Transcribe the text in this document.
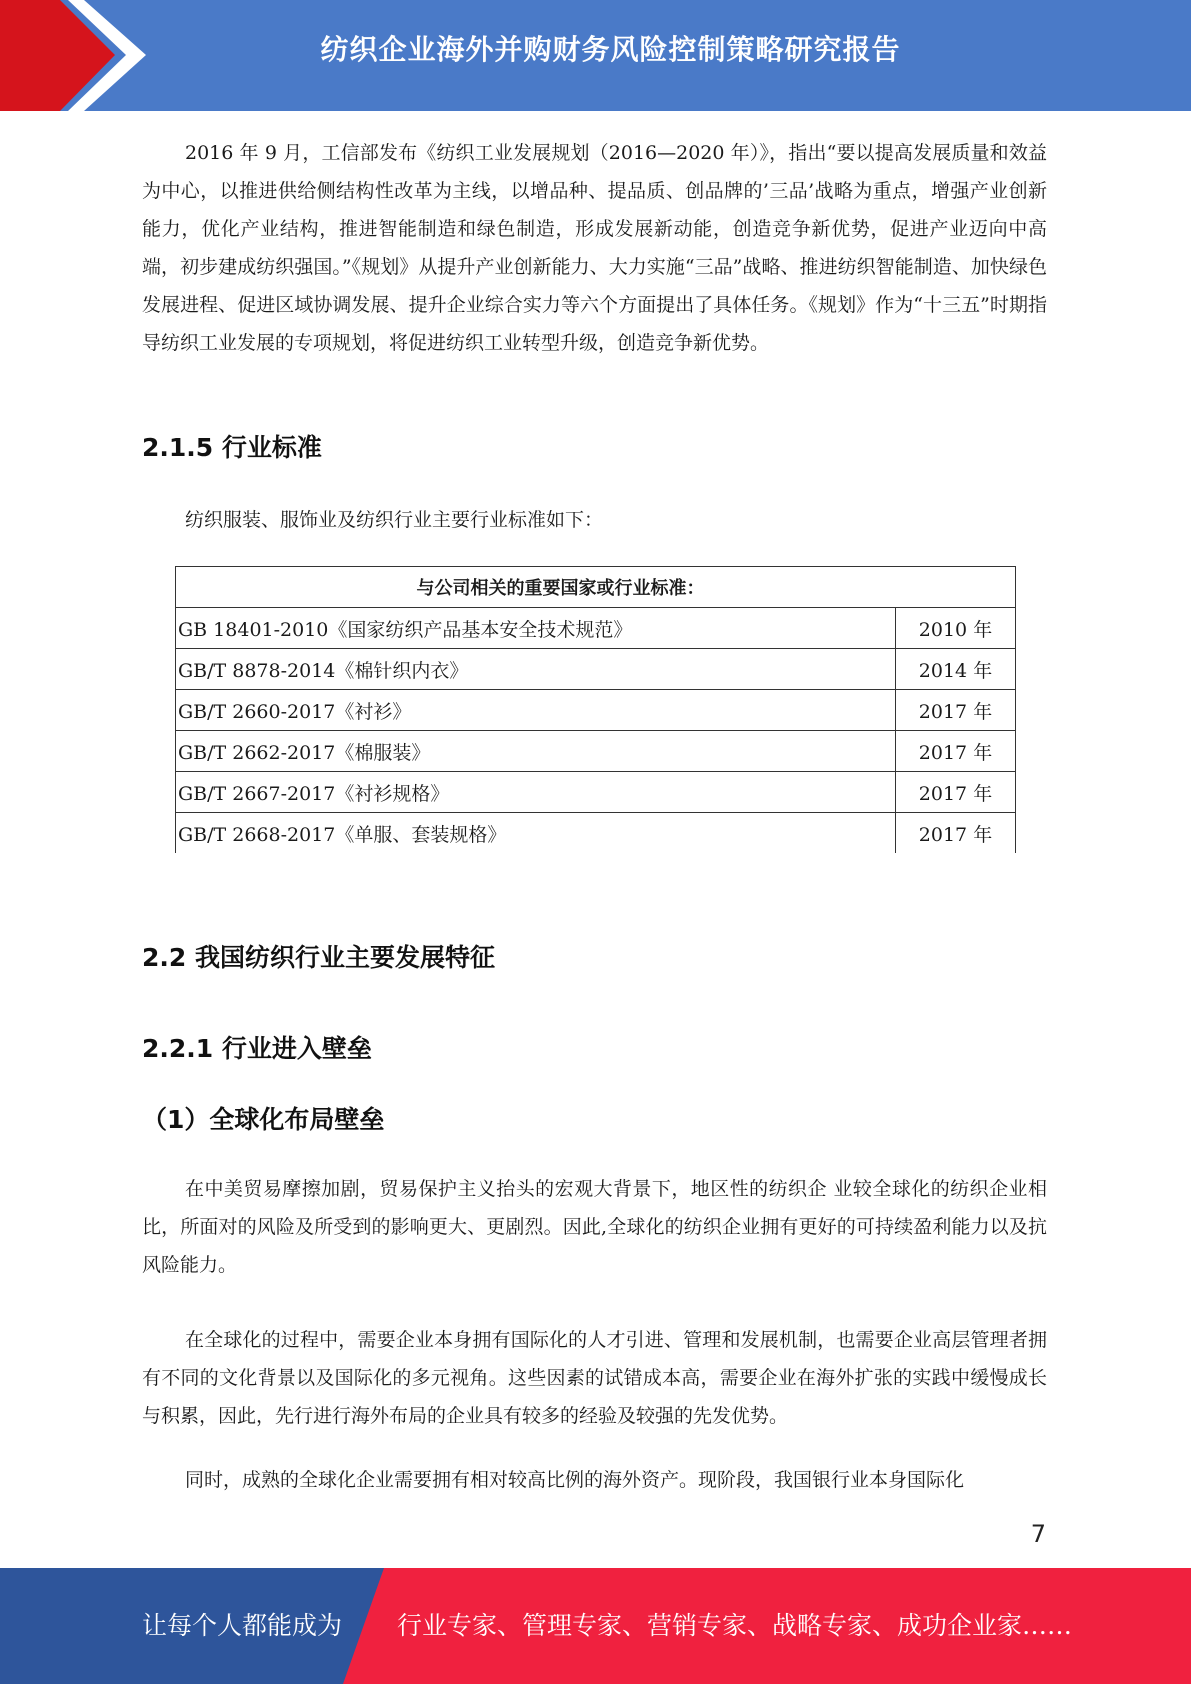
纺织企业海外并购财务风险控制策略研究报告

2016 年 9 月，工信部发布《纺织工业发展规划（2016—2020 年）》，指出“要以提高发展质量和效益为中心，以推进供给侧结构性改革为主线，以增品种、提品质、创品牌的’三品’战略为重点，增强产业创新能力，优化产业结构，推进智能制造和绿色制造，形成发展新动能，创造竞争新优势，促进产业迈向中高端，初步建成纺织强国。”《规划》从提升产业创新能力、大力实施“三品”战略、推进纺织智能制造、加快绿色发展进程、促进区域协调发展、提升企业综合实力等六个方面提出了具体任务。《规划》作为“十三五”时期指导纺织工业发展的专项规划，将促进纺织工业转型升级，创造竞争新优势。

2.1.5 行业标准

纺织服装、服饰业及纺织行业主要行业标准如下：

与公司相关的重要国家或行业标准：	
GB 18401-2010《国家纺织产品基本安全技术规范》	2010 年
GB/T 8878-2014《棉针织内衣》	2014 年
GB/T 2660-2017《衬衫》	2017 年
GB/T 2662-2017《棉服装》	2017 年
GB/T 2667-2017《衬衫规格》	2017 年
GB/T 2668-2017《单服、套装规格》	2017 年
2.2 我国纺织行业主要发展特征
2.2.1 行业进入壁垒
（1）全球化布局壁垒

在中美贸易摩擦加剧，贸易保护主义抬头的宏观大背景下，地区性的纺织企 业较全球化的纺织企业相比，所面对的风险及所受到的影响更大、更剧烈。因此,全球化的纺织企业拥有更好的可持续盈利能力以及抗风险能力。

在全球化的过程中，需要企业本身拥有国际化的人才引进、管理和发展机制，也需要企业高层管理者拥有不同的文化背景以及国际化的多元视角。这些因素的试错成本高，需要企业在海外扩张的实践中缓慢成长与积累，因此，先行进行海外布局的企业具有较多的经验及较强的先发优势。

同时，成熟的全球化企业需要拥有相对较高比例的海外资产。现阶段，我国银行业本身国际化

7
让每个人都能成为 行业专家、管理专家、营销专家、战略专家、成功企业家……
